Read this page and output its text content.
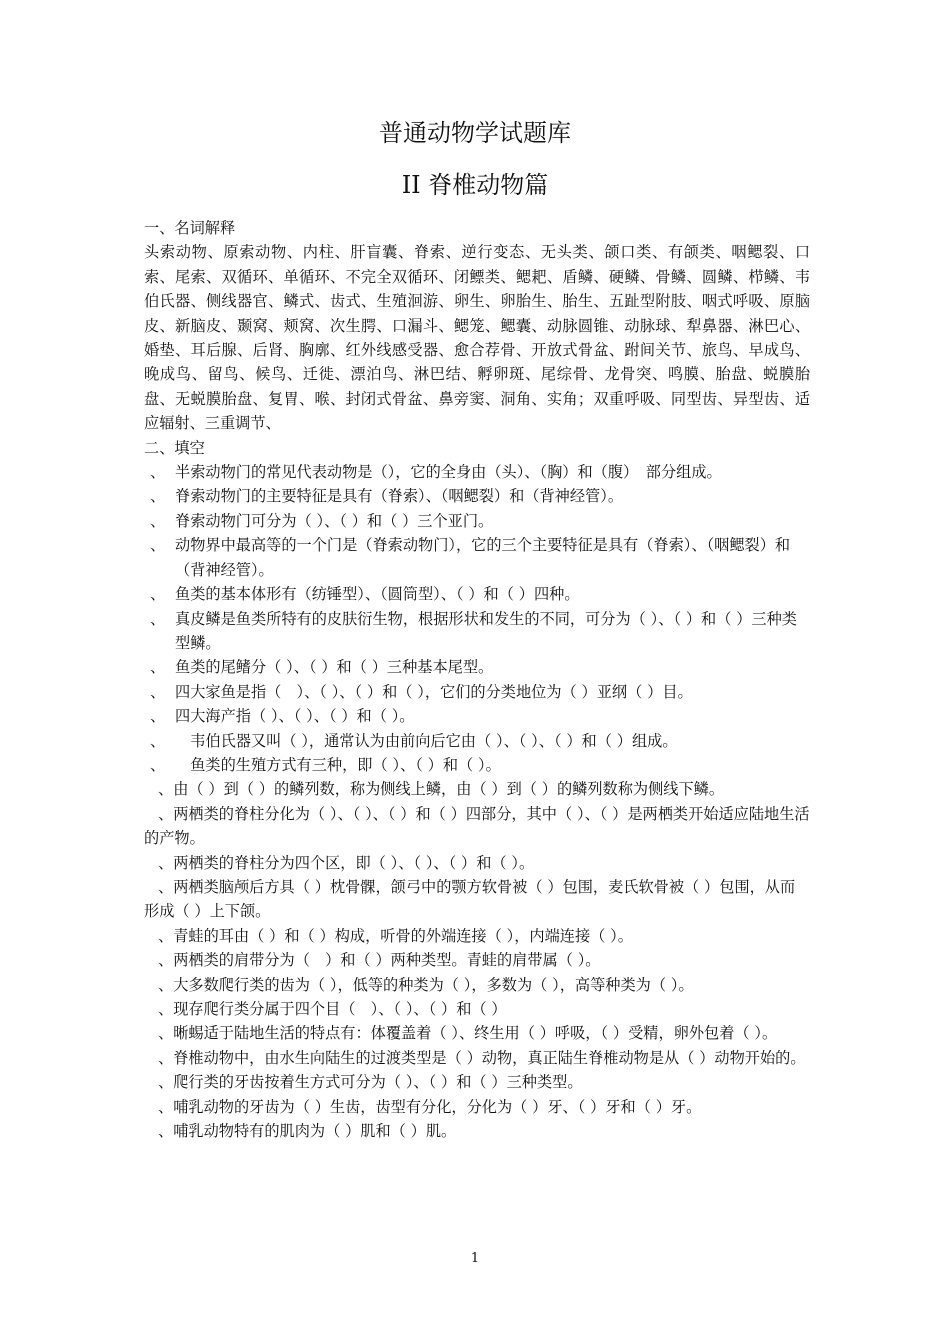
普通动物学试题库
II 脊椎动物篇

一、名词解释

头索动物、原索动物、内柱、肝盲囊、脊索、逆行变态、无头类、颌口类、有颌类、咽鳃裂、口索、尾索、双循环、单循环、不完全双循环、闭鳔类、鳃耙、盾鳞、硬鳞、骨鳞、圆鳞、栉鳞、韦伯氏器、侧线器官、鳞式、齿式、生殖洄游、卵生、卵胎生、胎生、五趾型附肢、咽式呼吸、原脑皮、新脑皮、颞窝、颊窝、次生腭、口漏斗、鳃笼、鳃囊、动脉圆锥、动脉球、犁鼻器、淋巴心、婚垫、耳后腺、后肾、胸廓、红外线感受器、愈合荐骨、开放式骨盆、跗间关节、旅鸟、早成鸟、晚成鸟、留鸟、候鸟、迁徙、漂泊鸟、淋巴结、孵卵斑、尾综骨、龙骨突、鸣膜、胎盘、蜕膜胎盘、无蜕膜胎盘、复胃、喉、封闭式骨盆、鼻旁窦、洞角、实角；双重呼吸、同型齿、异型齿、适应辐射、三重调节、

二、填空

、 半索动物门的常见代表动物是（），它的全身由（头）、（胸）和（腹）　部分组成。

、 脊索动物门的主要特征是具有（脊索）、（咽鳃裂）和（背神经管）。

、 脊索动物门可分为（ ）、（ ）和（ ）三个亚门。

、 动物界中最高等的一个门是（脊索动物门），它的三个主要特征是具有（脊索）、（咽鳃裂）和（背神经管）。

、 鱼类的基本体形有（纺锤型）、（圆筒型）、（ ）和（ ）四种。

、 真皮鳞是鱼类所特有的皮肤衍生物，根据形状和发生的不同，可分为（ ）、（ ）和（ ）三种类型鳞。

、 鱼类的尾鳍分（ ）、（ ）和（ ）三种基本尾型。

、 四大家鱼是指（　）、（ ）、（ ）和（ ），它们的分类地位为（ ）亚纲（ ）目。

、 四大海产指（ ）、（ ）、（ ）和（ ）。

、 　韦伯氏器又叫（ ），通常认为由前向后它由（ ）、（ ）、（ ）和（ ）组成。

、 　鱼类的生殖方式有三种，即（ ）、（ ）和（ ）。

、由（ ）到（ ）的鳞列数，称为侧线上鳞，由（ ）到（ ）的鳞列数称为侧线下鳞。

、两栖类的脊柱分化为（ ）、（ ）、（ ）和（ ）四部分，其中（ ）、（ ）是两栖类开始适应陆地生活的产物。

、两栖类的脊柱分为四个区，即（ ）、（ ）、（ ）和（ ）。

、两栖类脑颅后方具（ ）枕骨髁，颌弓中的颚方软骨被（ ）包围，麦氏软骨被（ ）包围，从而形成（ ）上下颌。

、青蛙的耳由（ ）和（ ）构成，听骨的外端连接（ ），内端连接（ ）。

、两栖类的肩带分为（　）和（ ）两种类型。青蛙的肩带属（ ）。

、大多数爬行类的齿为（ ），低等的种类为（ ），多数为（ ），高等种类为（ ）。

、现存爬行类分属于四个目（　）、（ ）、（ ）和（ ）

、晰蜴适于陆地生活的特点有：体覆盖着（ ）、终生用（ ）呼吸，（ ）受精，卵外包着（ ）。

、脊椎动物中，由水生向陆生的过渡类型是（ ）动物，真正陆生脊椎动物是从（ ）动物开始的。

、爬行类的牙齿按着生方式可分为（ ）、（ ）和（ ）三种类型。

、哺乳动物的牙齿为（ ）生齿，齿型有分化，分化为（ ）牙、（ ）牙和（ ）牙。

、哺乳动物特有的肌肉为（ ）肌和（ ）肌。

1
